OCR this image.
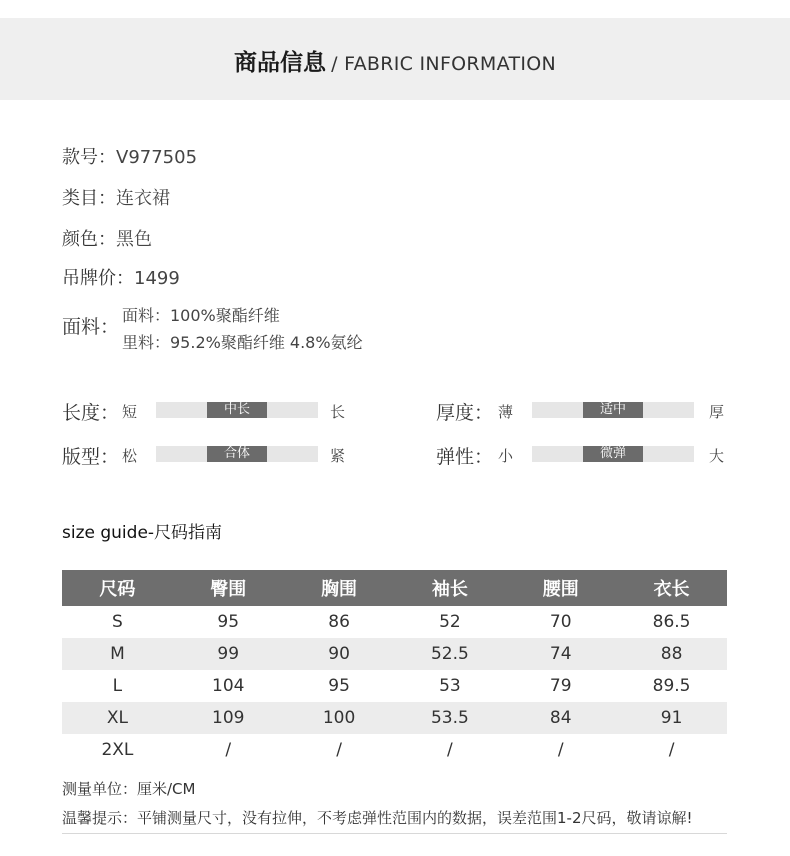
商品信息 / FABRIC INFORMATION
款号：V977505
类目：连衣裙
颜色：黑色
吊牌价：1499
面料：
面料：100%聚酯纤维
里料：95.2%聚酯纤维 4.8%氨纶
长度： 短	中长	长	厚度： 薄	适中	厚
版型： 松	合体	紧	弹性： 小	微弹	大
size guide-尺码指南
尺码	臀围	胸围	袖长	腰围	衣长
S	95	86	52	70	86.5
M	99	90	52.5	74	88
L	104	95	53	79	89.5
XL	109	100	53.5	84	91
2XL	/	/	/	/	/
测量单位：厘米/CM
温馨提示：平铺测量尺寸，没有拉伸，不考虑弹性范围内的数据，误差范围1-2尺码，敬请谅解!
